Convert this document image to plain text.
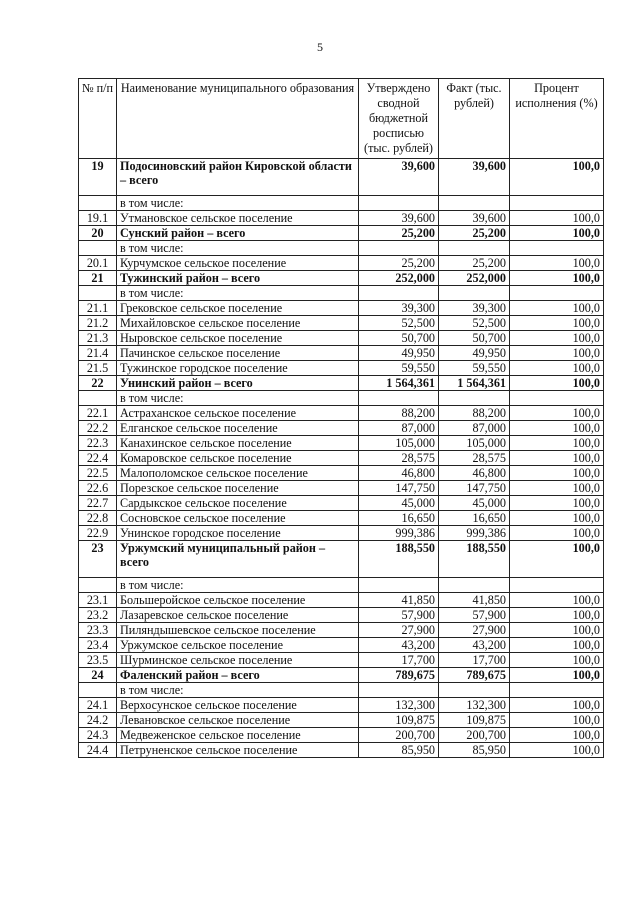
5
№ п/п	Наименование муниципального образования	Утверждено сводной бюджетной росписью (тыс. рублей)	Факт (тыс. рублей)	Процент исполнения (%)
19	Подосиновский район Кировской области – всего	39,600	39,600	100,0
	в том числе:			
19.1	Утмановское сельское поселение	39,600	39,600	100,0
20	Сунский район – всего	25,200	25,200	100,0
	в том числе:			
20.1	Курчумское сельское поселение	25,200	25,200	100,0
21	Тужинский район – всего	252,000	252,000	100,0
	в том числе:			
21.1	Грековское сельское поселение	39,300	39,300	100,0
21.2	Михайловское сельское поселение	52,500	52,500	100,0
21.3	Ныровское сельское поселение	50,700	50,700	100,0
21.4	Пачинское сельское поселение	49,950	49,950	100,0
21.5	Тужинское городское поселение	59,550	59,550	100,0
22	Унинский район – всего	1 564,361	1 564,361	100,0
	в том числе:			
22.1	Астраханское сельское поселение	88,200	88,200	100,0
22.2	Елганское сельское поселение	87,000	87,000	100,0
22.3	Канахинское сельское поселение	105,000	105,000	100,0
22.4	Комаровское сельское поселение	28,575	28,575	100,0
22.5	Малополомское сельское поселение	46,800	46,800	100,0
22.6	Порезское сельское поселение	147,750	147,750	100,0
22.7	Сардыкское сельское поселение	45,000	45,000	100,0
22.8	Сосновское сельское поселение	16,650	16,650	100,0
22.9	Унинское городское поселение	999,386	999,386	100,0
23	Уржумский муниципальный район – всего	188,550	188,550	100,0
	в том числе:			
23.1	Большеройское сельское поселение	41,850	41,850	100,0
23.2	Лазаревское сельское поселение	57,900	57,900	100,0
23.3	Пиляндышевское сельское поселение	27,900	27,900	100,0
23.4	Уржумское сельское поселение	43,200	43,200	100,0
23.5	Шурминское сельское поселение	17,700	17,700	100,0
24	Фаленский район – всего	789,675	789,675	100,0
	в том числе:			
24.1	Верхосунское сельское поселение	132,300	132,300	100,0
24.2	Левановское сельское поселение	109,875	109,875	100,0
24.3	Медвеженское сельское поселение	200,700	200,700	100,0
24.4	Петруненское сельское поселение	85,950	85,950	100,0
